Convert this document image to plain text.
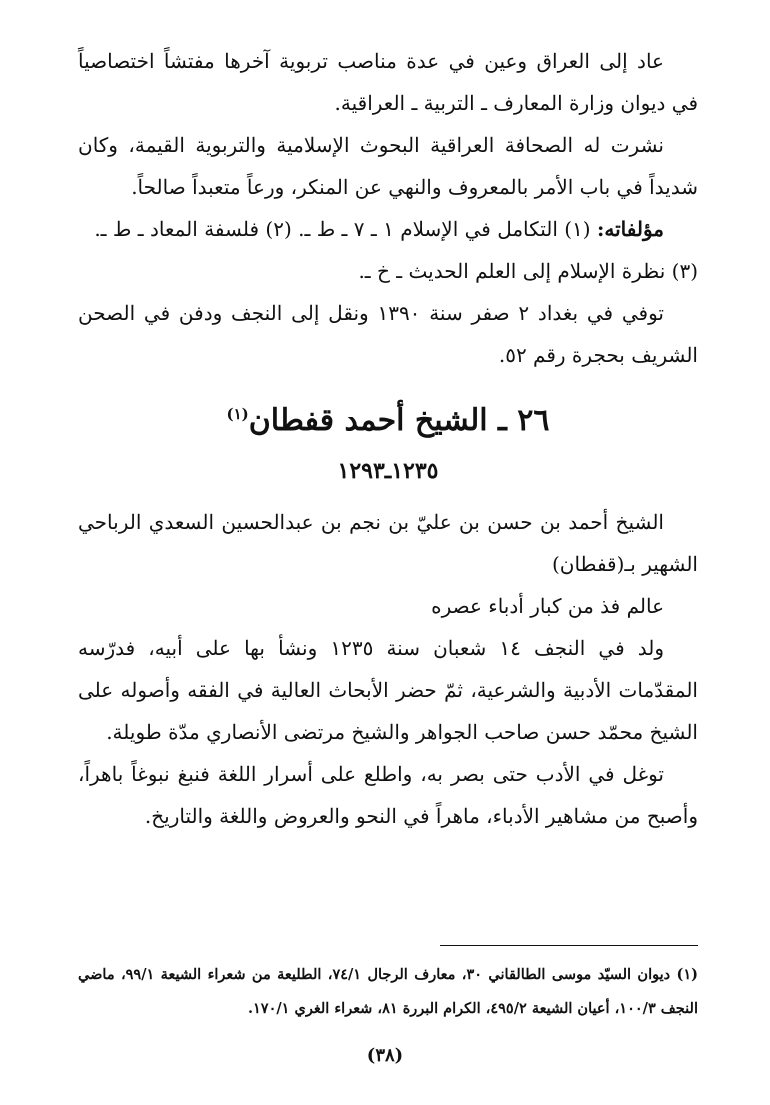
عاد إلى العراق وعين في عدة مناصب تربوية آخرها مفتشاً اختصاصياً في ديوان وزارة المعارف ـ التربية ـ العراقية.

نشرت له الصحافة العراقية البحوث الإسلامية والتربوية القيمة، وكان شديداً في باب الأمر بالمعروف والنهي عن المنكر، ورعاً متعبداً صالحاً.

مؤلفاته: (١) التكامل في الإسلام ١ ـ ٧ ـ ط ـ. (٢) فلسفة المعاد ـ ط ـ.

(٣) نظرة الإسلام إلى العلم الحديث ـ خ ـ.

توفي في بغداد ٢ صفر سنة ١٣٩٠ ونقل إلى النجف ودفن في الصحن الشريف بحجرة رقم ٥٢.

٢٦ ـ الشيخ أحمد قفطان$^{(١)}$
١٢٣٥ـ١٢٩٣

الشيخ أحمد بن حسن بن عليّ بن نجم بن عبدالحسين السعدي الرباحي الشهير بـ(قفطان)

عالم فذ من كبار أدباء عصره

ولد في النجف ١٤ شعبان سنة ١٢٣٥ ونشأ بها على أبيه، فدرّسه المقدّمات الأدبية والشرعية، ثمّ حضر الأبحاث العالية في الفقه وأصوله على الشيخ محمّد حسن صاحب الجواهر والشيخ مرتضى الأنصاري مدّة طويلة.

توغل في الأدب حتى بصر به، واطلع على أسرار اللغة فنبغ نبوغاً باهراً، وأصبح من مشاهير الأدباء، ماهراً في النحو والعروض واللغة والتاريخ.

(١) ديوان السيّد موسى الطالقاني ٣٠، معارف الرجال ٧٤/١، الطليعة من شعراء الشيعة ٩٩/١، ماضي النجف ١٠٠/٣، أعيان الشيعة ٤٩٥/٢، الكرام البررة ٨١، شعراء الغري ١٧٠/١.

(٣٨)
